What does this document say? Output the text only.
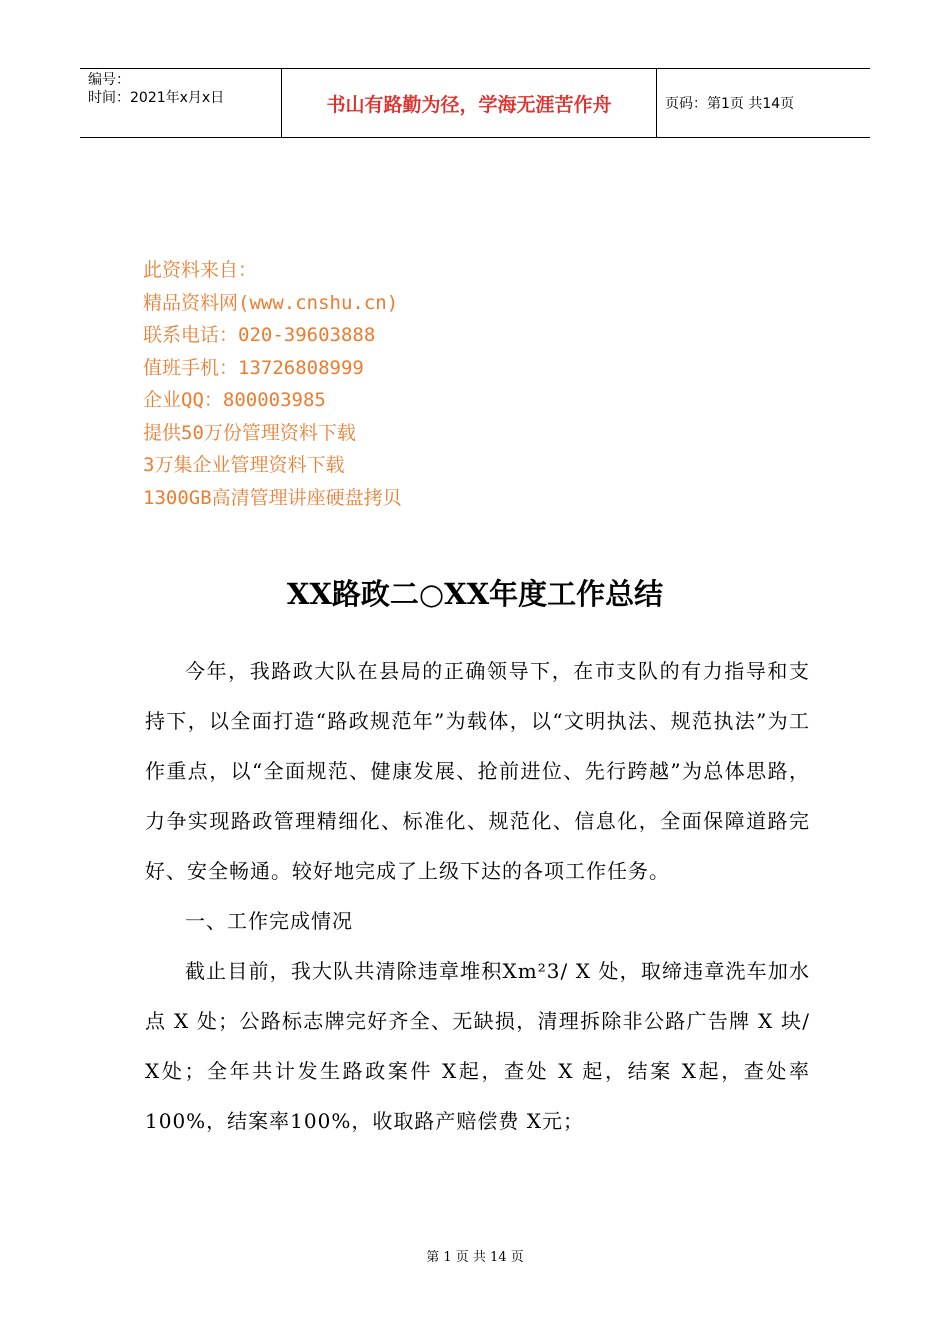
编号：
时间：2021年x月x日	书山有路勤为径，学海无涯苦作舟	页码：第1页 共14页
此资料来自：
精品资料网(www.cnshu.cn)
联系电话：020-39603888
值班手机：13726808999
企业QQ：800003985
提供50万份管理资料下载
3万集企业管理资料下载
1300GB高清管理讲座硬盘拷贝
XX路政二○XX年度工作总结

今年，我路政大队在县局的正确领导下，在市支队的有力指导和支持下，以全面打造“路政规范年”为载体，以“文明执法、规范执法”为工作重点，以“全面规范、健康发展、抢前进位、先行跨越”为总体思路，力争实现路政管理精细化、标准化、规范化、信息化，全面保障道路完好、安全畅通。较好地完成了上级下达的各项工作任务。

一、工作完成情况

截止目前，我大队共清除违章堆积Xm²3/ X 处，取缔违章洗车加水点 X 处；公路标志牌完好齐全、无缺损，清理拆除非公路广告牌 X 块/ X处；全年共计发生路政案件 X起，查处 X 起，结案 X起，查处率100%，结案率100%，收取路产赔偿费 X元；

第 1 页 共 14 页
